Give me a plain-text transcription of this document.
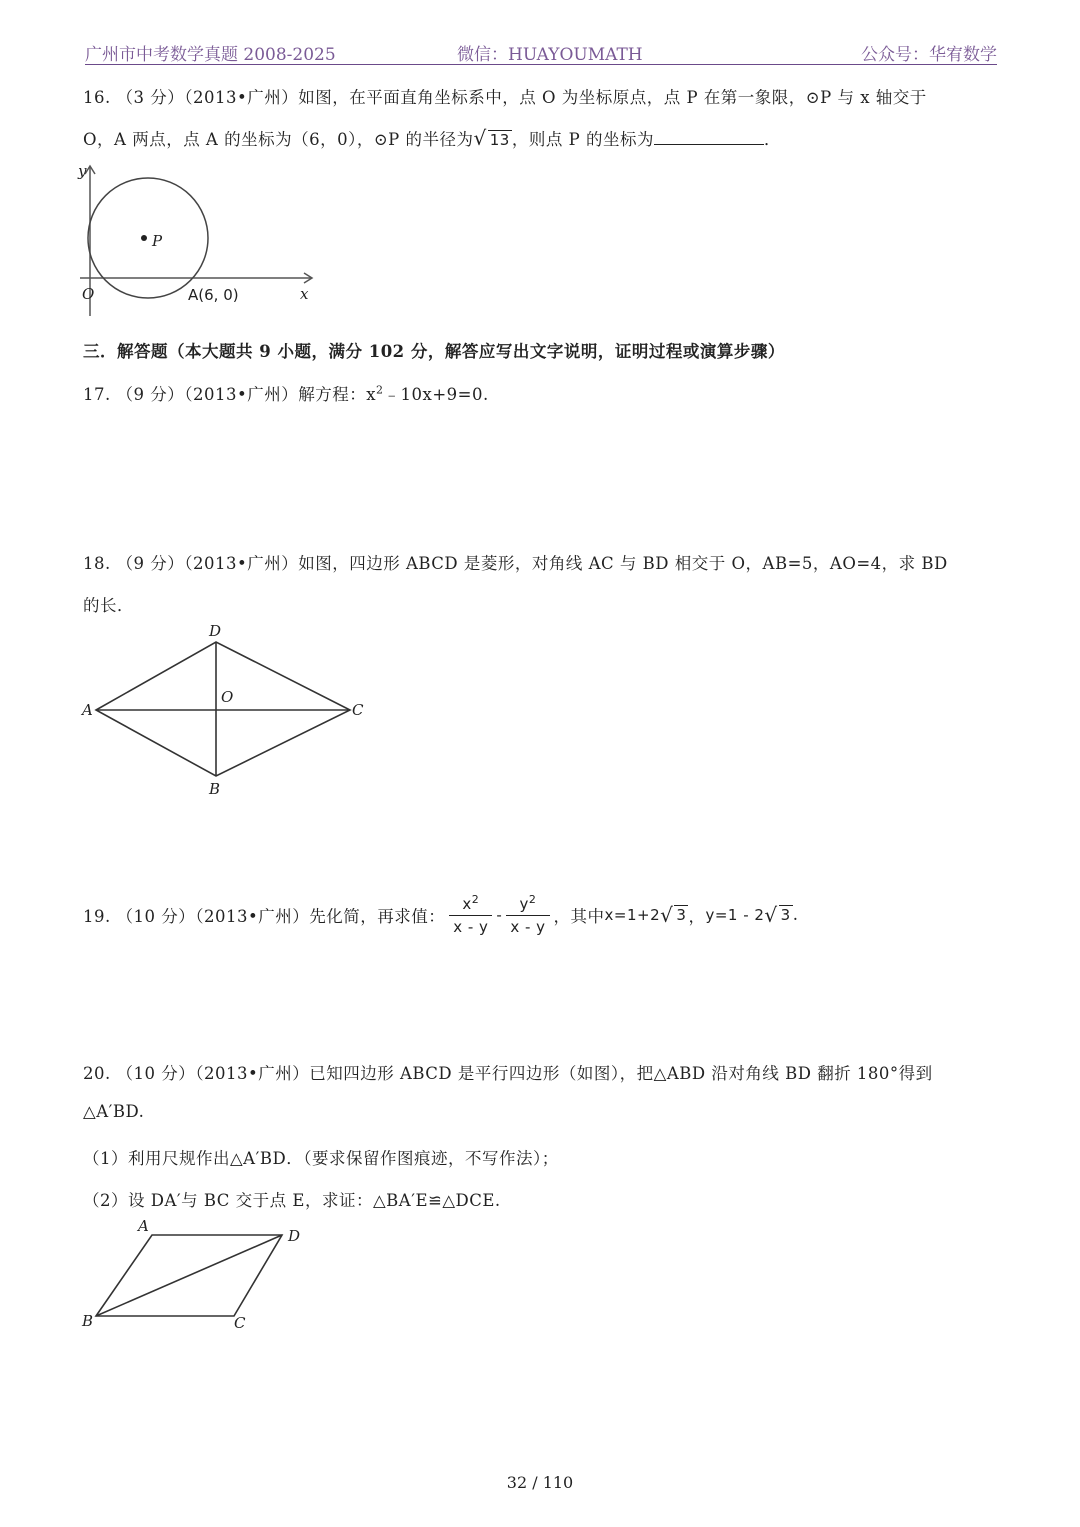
广州市中考数学真题 2008-2025	微信：HUAYOUMATH	公众号：华宥数学
16. （3 分）（2013•广州）如图，在平面直角坐标系中，点 O 为坐标原点，点 P 在第一象限，⊙P 与 x 轴交于
O，A 两点，点 A 的坐标为（6，0），⊙P 的半径为√ 13 ，则点 P 的坐标为	．
y
P
O	A(6, 0)	x
三．解答题（本大题共 9 小题，满分 102 分，解答应写出文字说明，证明过程或演算步骤）
17. （9 分）（2013•广州）解方程：$x^2﹣10x+9=0$.
18. （9 分）（2013•广州）如图，四边形 ABCD 是菱形，对角线 AC 与 BD 相交于 O，AB=5，AO=4，求 BD
的长．
A
D
O
C
B
19. （10 分）（2013•广州）先化简，再求值： $\frac{x^2}{x - y} - \frac{y^2}{x - y}$ ，其中 x=1+2 √ 3 ， y=1 - 2 √ 3 .
20. （10 分）（2013•广州）已知四边形 ABCD 是平行四边形（如图），把△ABD 沿对角线 BD 翻折 180°得到
△A′BD.
（1）利用尺规作出△A′BD．（要求保留作图痕迹，不写作法）；
（2）设 DA′与 BC 交于点 E，求证：△BA′E≌△DCE.
A
D
B	C
32 / 110
